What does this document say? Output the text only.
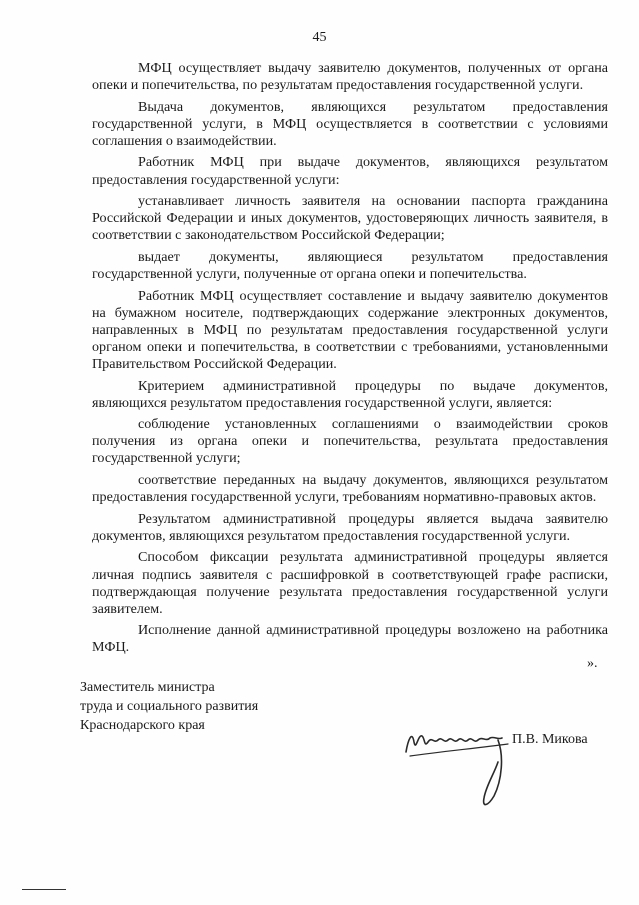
45

МФЦ осуществляет выдачу заявителю документов, полученных от органа опеки и попечительства, по результатам предоставления государственной услуги.

Выдача документов, являющихся результатом предоставления государственной услуги, в МФЦ осуществляется в соответствии с условиями соглашения о взаимодействии.

Работник МФЦ при выдаче документов, являющихся результатом предоставления государственной услуги:

устанавливает личность заявителя на основании паспорта гражданина Российской Федерации и иных документов, удостоверяющих личность заявителя, в соответствии с законодательством Российской Федерации;

выдает документы, являющиеся результатом предоставления государственной услуги, полученные от органа опеки и попечительства.

Работник МФЦ осуществляет составление и выдачу заявителю документов на бумажном носителе, подтверждающих содержание электронных документов, направленных в МФЦ по результатам предоставления государственной услуги органом опеки и попечительства, в соответствии с требованиями, установленными Правительством Российской Федерации.

Критерием административной процедуры по выдаче документов, являющихся результатом предоставления государственной услуги, является:

соблюдение установленных соглашениями о взаимодействии сроков получения из органа опеки и попечительства, результата предоставления государственной услуги;

соответствие переданных на выдачу документов, являющихся результатом предоставления государственной услуги, требованиям нормативно-правовых актов.

Результатом административной процедуры является выдача заявителю документов, являющихся результатом предоставления государственной услуги.

Способом фиксации результата административной процедуры является личная подпись заявителя с расшифровкой в соответствующей графе расписки, подтверждающая получение результата предоставления государственной услуги заявителем.

Исполнение данной административной процедуры возложено на работника МФЦ.

».
Заместитель министра
труда и социального развития
Краснодарского края
П.В. Микова
